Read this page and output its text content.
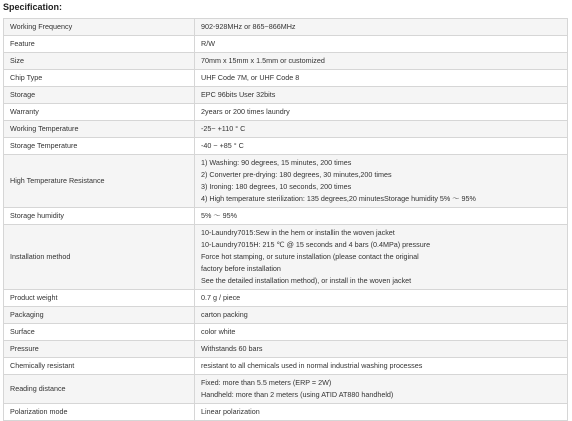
Specification:
Working Frequency	902-928MHz or 865~866MHz

Feature	R/W

Size	70mm x 15mm x 1.5mm or customized

Chip Type	UHF Code 7M, or UHF Code 8

Storage	EPC 96bits User 32bits

Warranty	2years or 200 times laundry

Working Temperature	-25~ +110 ° C

Storage Temperature	-40 ~ +85 ° C

High Temperature Resistance	1) Washing: 90 degrees, 15 minutes, 200 times
2) Converter pre-drying: 180 degrees, 30 minutes,200 times
3) Ironing: 180 degrees, 10 seconds, 200 times
4) High temperature sterilization: 135 degrees,20 minutesStorage humidity 5% ～ 95%

Storage humidity	5% ～ 95%

Installation method	10-Laundry7015:Sew in the hem or installin the woven jacket
10-Laundry7015H: 215 ℃ @ 15 seconds and 4 bars (0.4MPa) pressure
Force hot stamping, or suture installation (please contact the original
factory before installation
See the detailed installation method), or install in the woven jacket

Product weight	0.7 g / piece

Packaging	carton packing

Surface	color white

Pressure	Withstands 60 bars

Chemically resistant	resistant to all chemicals used in normal industrial washing processes

Reading distance	Fixed: more than 5.5 meters (ERP = 2W)
Handheld: more than 2 meters (using ATID AT880 handheld)

Polarization mode	Linear polarization
